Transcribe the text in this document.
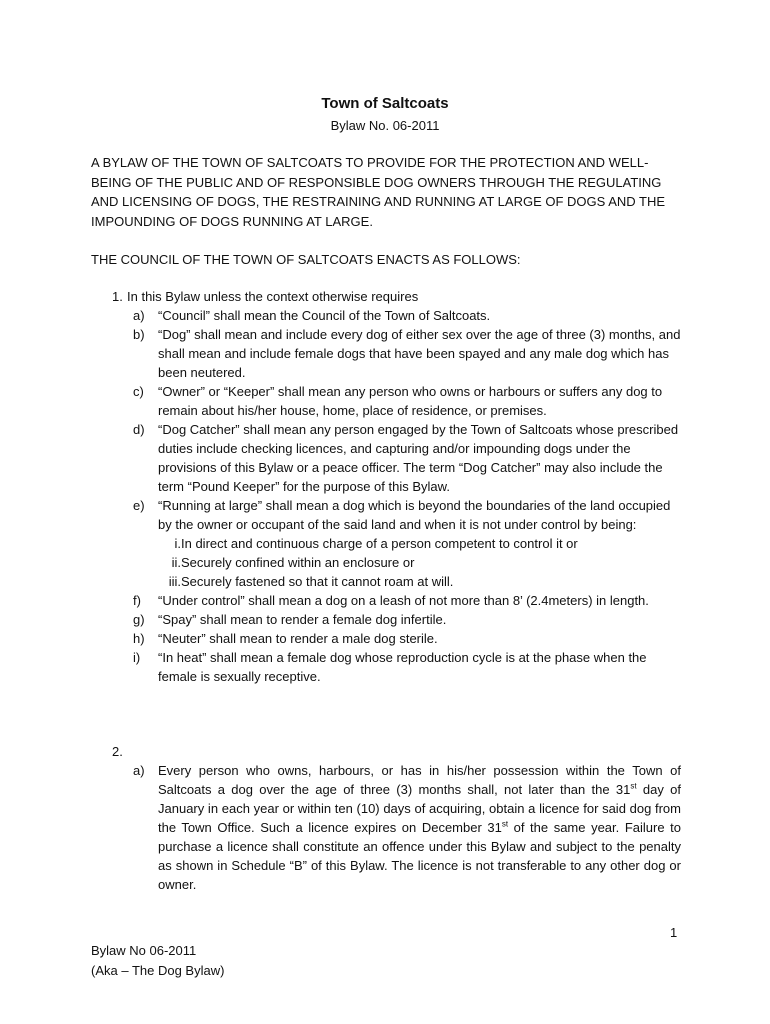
Town of Saltcoats
Bylaw No. 06-2011
A BYLAW OF THE TOWN OF SALTCOATS TO PROVIDE FOR THE PROTECTION AND WELL-BEING OF THE PUBLIC AND OF RESPONSIBLE DOG OWNERS THROUGH THE REGULATING AND LICENSING OF DOGS, THE RESTRAINING AND RUNNING AT LARGE OF DOGS AND THE IMPOUNDING OF DOGS RUNNING AT LARGE.
THE COUNCIL OF THE TOWN OF SALTCOATS ENACTS AS FOLLOWS:
1. In this Bylaw unless the context otherwise requires
a) “Council” shall mean the Council of the Town of Saltcoats.
b) “Dog” shall mean and include every dog of either sex over the age of three (3) months, and shall mean and include female dogs that have been spayed and any male dog which has been neutered.
c) “Owner” or “Keeper” shall mean any person who owns or harbours or suffers any dog to remain about his/her house, home, place of residence, or premises.
d) “Dog Catcher” shall mean any person engaged by the Town of Saltcoats whose prescribed duties include checking licences, and capturing and/or impounding dogs under the provisions of this Bylaw or a peace officer. The term “Dog Catcher” may also include the term “Pound Keeper” for the purpose of this Bylaw.
e) “Running at large” shall mean a dog which is beyond the boundaries of the land occupied by the owner or occupant of the said land and when it is not under control by being:
i. In direct and continuous charge of a person competent to control it or
ii. Securely confined within an enclosure or
iii. Securely fastened so that it cannot roam at will.
f) “Under control” shall mean a dog on a leash of not more than 8’ (2.4meters) in length.
g) “Spay” shall mean to render a female dog infertile.
h) “Neuter” shall mean to render a male dog sterile.
i) “In heat” shall mean a female dog whose reproduction cycle is at the phase when the female is sexually receptive.
2.
a) Every person who owns, harbours, or has in his/her possession within the Town of Saltcoats a dog over the age of three (3) months shall, not later than the 31st day of January in each year or within ten (10) days of acquiring, obtain a licence for said dog from the Town Office. Such a licence expires on December 31st of the same year. Failure to purchase a licence shall constitute an offence under this Bylaw and subject to the penalty as shown in Schedule “B” of this Bylaw. The licence is not transferable to any other dog or owner.
1
Bylaw No 06-2011
(Aka – The Dog Bylaw)
